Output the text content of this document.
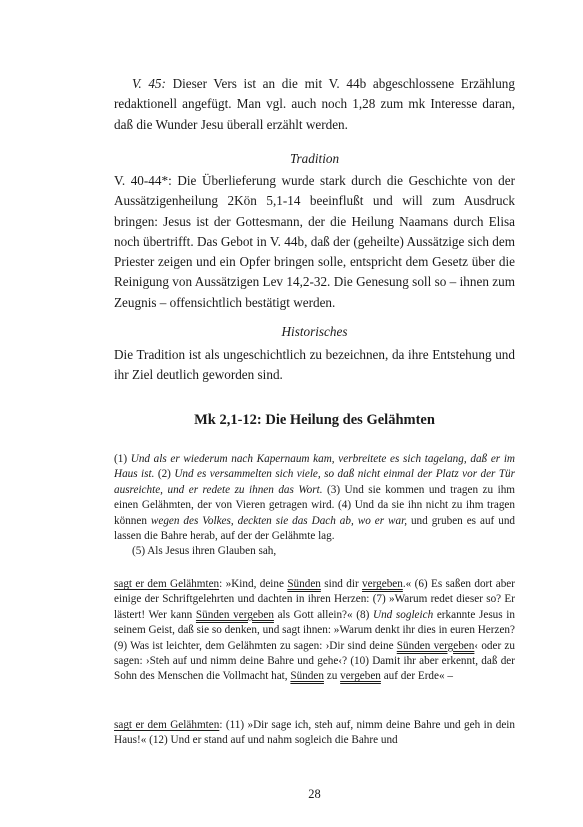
V. 45: Dieser Vers ist an die mit V. 44b abgeschlossene Erzählung redaktionell angefügt. Man vgl. auch noch 1,28 zum mk Interesse daran, daß die Wunder Jesu überall erzählt werden.

Tradition

V. 40-44*: Die Überlieferung wurde stark durch die Geschichte von der Aussätzigenheilung 2Kön 5,1-14 beeinflußt und will zum Ausdruck bringen: Jesus ist der Gottesmann, der die Heilung Naamans durch Elisa noch übertrifft. Das Gebot in V. 44b, daß der (geheilte) Aussätzige sich dem Priester zeigen und ein Opfer bringen solle, entspricht dem Gesetz über die Reinigung von Aussätzigen Lev 14,2-32. Die Genesung soll so – ihnen zum Zeugnis – offensichtlich bestätigt werden.

Historisches

Die Tradition ist als ungeschichtlich zu bezeichnen, da ihre Entstehung und ihr Ziel deutlich geworden sind.

Mk 2,1-12: Die Heilung des Gelähmten

(1) Und als er wiederum nach Kapernaum kam, verbreitete es sich tagelang, daß er im Haus ist. (2) Und es versammelten sich viele, so daß nicht einmal der Platz vor der Tür ausreichte, und er redete zu ihnen das Wort. (3) Und sie kommen und tragen zu ihm einen Gelähmten, der von Vieren getragen wird. (4) Und da sie ihn nicht zu ihm tragen können wegen des Volkes, deckten sie das Dach ab, wo er war, und gruben es auf und lassen die Bahre herab, auf der der Gelähmte lag.
(5) Als Jesus ihren Glauben sah,
sagt er dem Gelähmten: »Kind, deine Sünden sind dir vergeben.« (6) Es saßen dort aber einige der Schriftgelehrten und dachten in ihren Herzen: (7) »Warum redet dieser so? Er lästert! Wer kann Sünden vergeben als Gott allein?« (8) Und sogleich erkannte Jesus in seinem Geist, daß sie so denken, und sagt ihnen: »Warum denkt ihr dies in euren Herzen? (9) Was ist leichter, dem Gelähmten zu sagen: ›Dir sind deine Sünden vergeben‹ oder zu sagen: ›Steh auf und nimm deine Bahre und gehe‹? (10) Damit ihr aber erkennt, daß der Sohn des Menschen die Vollmacht hat, Sünden zu vergeben auf der Erde« –
sagt er dem Gelähmten: (11) »Dir sage ich, steh auf, nimm deine Bahre und geh in dein Haus!« (12) Und er stand auf und nahm sogleich die Bahre und

28
